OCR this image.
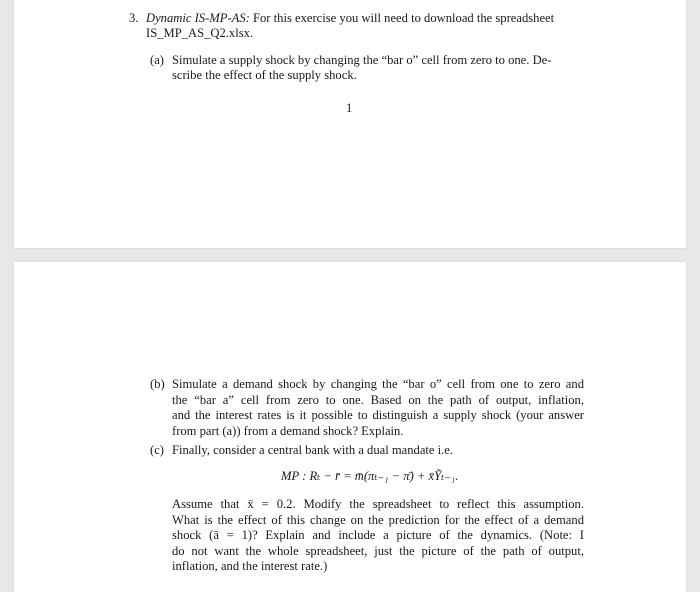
3. Dynamic IS-MP-AS: For this exercise you will need to download the spreadsheet
IS_MP_AS_Q2.xlsx.
(a) Simulate a supply shock by changing the “bar o” cell from zero to one. De-
scribe the effect of the supply shock.
1
(b) Simulate a demand shock by changing the “bar o” cell from one to zero and
the “bar a” cell from zero to one. Based on the path of output, inflation,
and the interest rates is it possible to distinguish a supply shock (your answer
from part (a)) from a demand shock? Explain.
(c) Finally, consider a central bank with a dual mandate i.e.
MP : Rₜ − r̄ = m̄(πₜ₋₁ − π̄) + x̄Ỹₜ₋₁.
Assume that x̄ = 0.2. Modify the spreadsheet to reflect this assumption.
What is the effect of this change on the prediction for the effect of a demand
shock (ā = 1)? Explain and include a picture of the dynamics. (Note: I
do not want the whole spreadsheet, just the picture of the path of output,
inflation, and the interest rate.)
